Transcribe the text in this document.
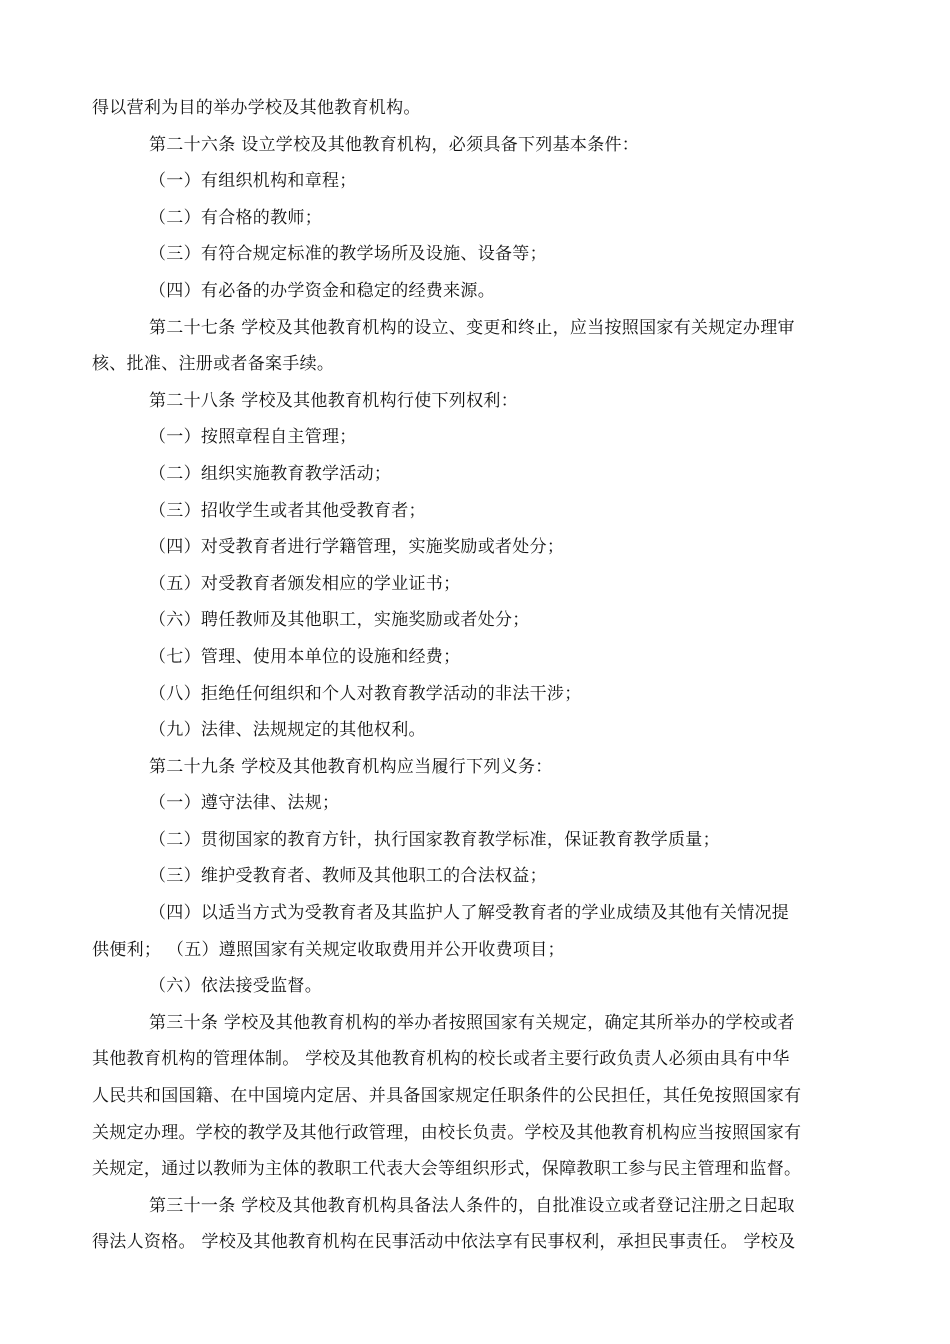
得以营利为目的举办学校及其他教育机构。
第二十六条 设立学校及其他教育机构，必须具备下列基本条件：
（一）有组织机构和章程；
（二）有合格的教师；
（三）有符合规定标准的教学场所及设施、设备等；
（四）有必备的办学资金和稳定的经费来源。
第二十七条 学校及其他教育机构的设立、变更和终止，应当按照国家有关规定办理审
核、批准、注册或者备案手续。
第二十八条 学校及其他教育机构行使下列权利：
（一）按照章程自主管理；
（二）组织实施教育教学活动；
（三）招收学生或者其他受教育者；
（四）对受教育者进行学籍管理，实施奖励或者处分；
（五）对受教育者颁发相应的学业证书；
（六）聘任教师及其他职工，实施奖励或者处分；
（七）管理、使用本单位的设施和经费；
（八）拒绝任何组织和个人对教育教学活动的非法干涉；
（九）法律、法规规定的其他权利。
第二十九条 学校及其他教育机构应当履行下列义务：
（一）遵守法律、法规；
（二）贯彻国家的教育方针，执行国家教育教学标准，保证教育教学质量；
（三）维护受教育者、教师及其他职工的合法权益；
（四）以适当方式为受教育者及其监护人了解受教育者的学业成绩及其他有关情况提
供便利； （五）遵照国家有关规定收取费用并公开收费项目；
（六）依法接受监督。
第三十条 学校及其他教育机构的举办者按照国家有关规定，确定其所举办的学校或者
其他教育机构的管理体制。 学校及其他教育机构的校长或者主要行政负责人必须由具有中华
人民共和国国籍、在中国境内定居、并具备国家规定任职条件的公民担任，其任免按照国家有
关规定办理。学校的教学及其他行政管理，由校长负责。学校及其他教育机构应当按照国家有
关规定，通过以教师为主体的教职工代表大会等组织形式，保障教职工参与民主管理和监督。
第三十一条 学校及其他教育机构具备法人条件的，自批准设立或者登记注册之日起取
得法人资格。 学校及其他教育机构在民事活动中依法享有民事权利，承担民事责任。 学校及
